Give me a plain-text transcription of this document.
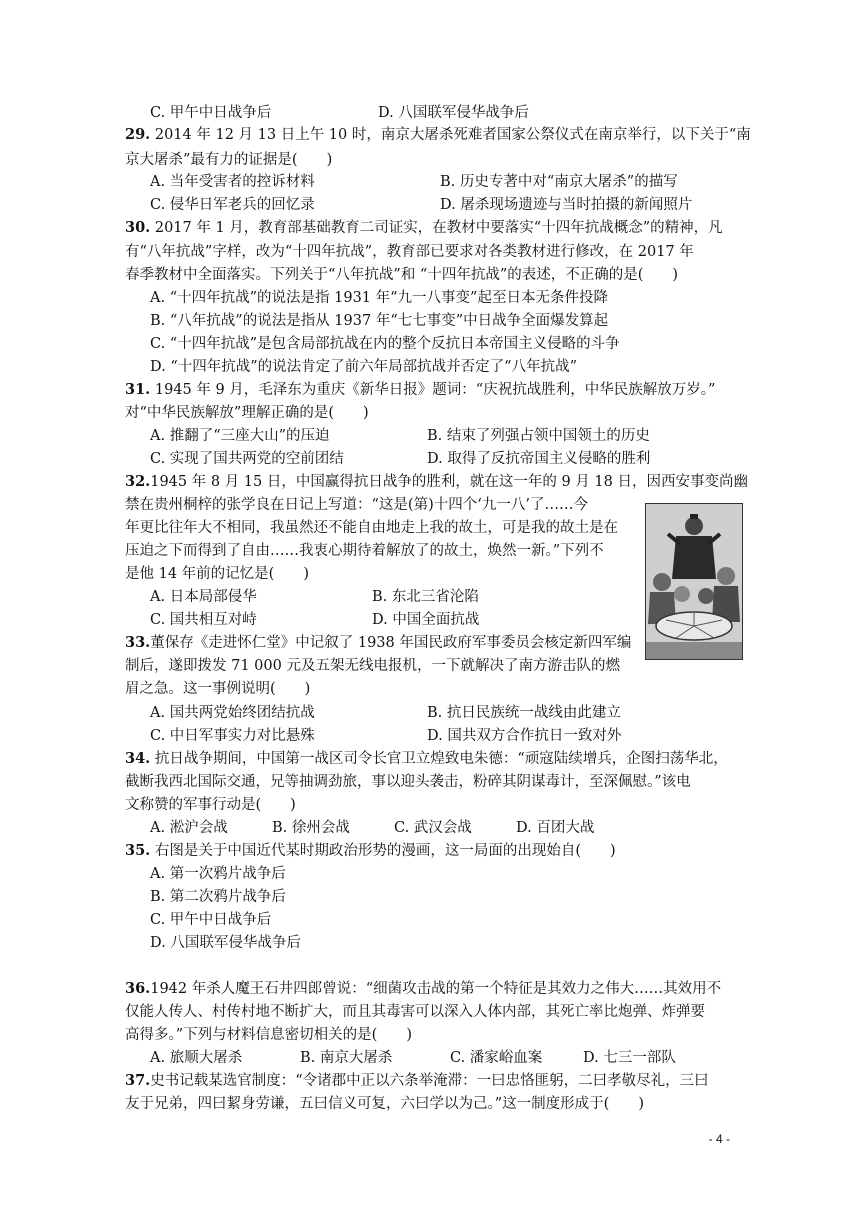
C. 甲午中日战争后	D. 八国联军侵华战争后
29. 2014 年 12 月 13 日上午 10 时，南京大屠杀死难者国家公祭仪式在南京举行，以下关于“南
京大屠杀”最有力的证据是(　　)
A. 当年受害者的控诉材料	B. 历史专著中对“南京大屠杀”的描写
C. 侵华日军老兵的回忆录	D. 屠杀现场遗迹与当时拍摄的新闻照片
30. 2017 年 1 月，教育部基础教育二司证实，在教材中要落实“十四年抗战概念”的精神，凡
有“八年抗战”字样，改为“十四年抗战”，教育部已要求对各类教材进行修改，在 2017 年
春季教材中全面落实。下列关于“八年抗战”和 “十四年抗战”的表述，不正确的是(　　)
A. “十四年抗战”的说法是指 1931 年“九一八事变”起至日本无条件投降
B. “八年抗战”的说法是指从 1937 年“七七事变”中日战争全面爆发算起
C. “十四年抗战”是包含局部抗战在内的整个反抗日本帝国主义侵略的斗争
D. “十四年抗战”的说法肯定了前六年局部抗战并否定了“八年抗战”
31. 1945 年 9 月，毛泽东为重庆《新华日报》题词：“庆祝抗战胜利，中华民族解放万岁。”
对“中华民族解放”理解正确的是(　　)
A. 推翻了“三座大山”的压迫	B. 结束了列强占领中国领土的历史
C. 实现了国共两党的空前团结	D. 取得了反抗帝国主义侵略的胜利
32.1945 年 8 月 15 日，中国赢得抗日战争的胜利，就在这一年的 9 月 18 日，因西安事变尚幽
禁在贵州桐梓的张学良在日记上写道：“这是(第)十四个‘九一八’了……今
年更比往年大不相同，我虽然还不能自由地走上我的故土，可是我的故土是在
压迫之下而得到了自由……我衷心期待着解放了的故土，焕然一新。”下列不
是他 14 年前的记忆是(　　)
A. 日本局部侵华	B. 东北三省沦陷
C. 国共相互对峙	D. 中国全面抗战
33.董保存《走进怀仁堂》中记叙了 1938 年国民政府军事委员会核定新四军编
制后，遂即拨发 71 000 元及五架无线电报机，一下就解决了南方游击队的燃
眉之急。这一事例说明(　　)
A. 国共两党始终团结抗战	B. 抗日民族统一战线由此建立
C. 中日军事实力对比悬殊	D. 国共双方合作抗日一致对外
34. 抗日战争期间，中国第一战区司令长官卫立煌致电朱德：“顽寇陆续增兵，企图扫荡华北，
截断我西北国际交通，兄等抽调劲旅，事以迎头袭击，粉碎其阴谋毒计，至深佩慰。”该电
文称赞的军事行动是(　　)
A. 淞沪会战	B. 徐州会战	C. 武汉会战	D. 百团大战
35. 右图是关于中国近代某时期政治形势的漫画，这一局面的出现始自(　　)
A. 第一次鸦片战争后
B. 第二次鸦片战争后
C. 甲午中日战争后
D. 八国联军侵华战争后
36.1942 年杀人魔王石井四郎曾说：“细菌攻击战的第一个特征是其效力之伟大……其效用不
仅能人传人、村传村地不断扩大，而且其毒害可以深入人体内部，其死亡率比炮弹、炸弹要
高得多。”下列与材料信息密切相关的是(　　)
A. 旅顺大屠杀	B. 南京大屠杀	C. 潘家峪血案	D. 七三一部队
37.史书记载某选官制度：“令诸郡中正以六条举淹滞：一曰忠恪匪躬，二曰孝敬尽礼，三曰
友于兄弟，四曰絜身劳谦，五曰信义可复，六曰学以为己。”这一制度形成于(　　)
- 4 -
